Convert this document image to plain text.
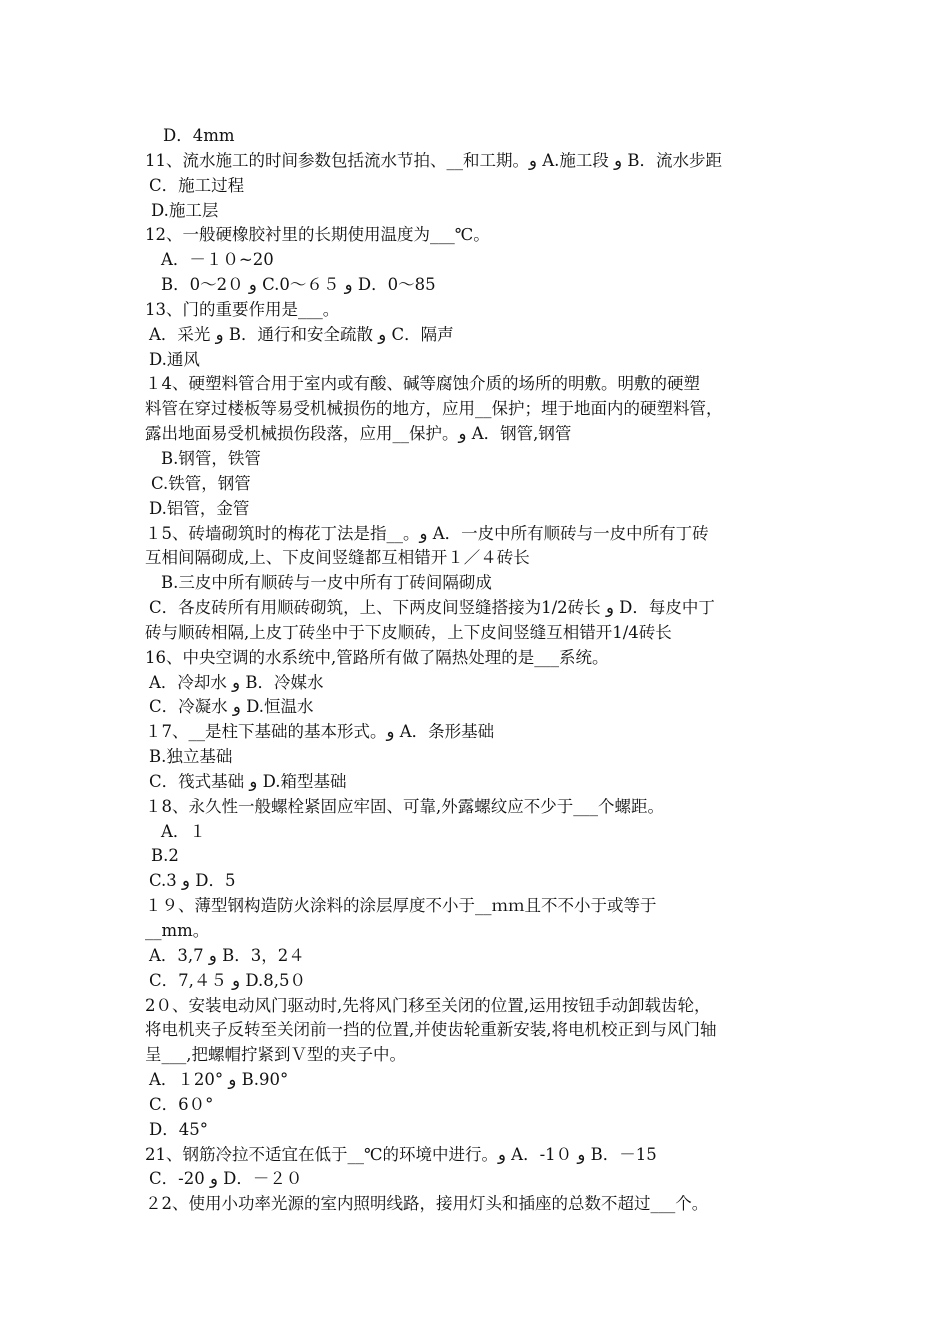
D．4mm
11、流水施工的时间参数包括流水节拍、__和工期。و A.施工段 و B．流水步距
C．施工过程
D.施工层
12、一般硬橡胶衬里的长期使用温度为___℃。
A．－１０~20
B．0～2０ و C.0～６５ و D．0～85
13、门的重要作用是___。
A．采光 و B．通行和安全疏散 و C．隔声
D.通风
１4、硬塑料管合用于室内或有酸、碱等腐蚀介质的场所的明敷。明敷的硬塑
料管在穿过楼板等易受机械损伤的地方，应用__保护；埋于地面内的硬塑料管，
露出地面易受机械损伤段落，应用__保护。و A．钢管,钢管
B.钢管，铁管
C.铁管，钢管
D.铝管，金管
１5、砖墙砌筑时的梅花丁法是指__。و A．一皮中所有顺砖与一皮中所有丁砖
互相间隔砌成,上、下皮间竖缝都互相错开１／４砖长
B.三皮中所有顺砖与一皮中所有丁砖间隔砌成
C．各皮砖所有用顺砖砌筑，上、下两皮间竖缝搭接为1/2砖长 و D．每皮中丁
砖与顺砖相隔,上皮丁砖坐中于下皮顺砖，上下皮间竖缝互相错开1/4砖长
16、中央空调的水系统中,管路所有做了隔热处理的是___系统。
A．冷却水 و B．冷媒水
C．冷凝水 و D.恒温水
１7、__是柱下基础的基本形式。و A．条形基础
B.独立基础
C．筏式基础 و D.箱型基础
１8、永久性一般螺栓紧固应牢固、可靠,外露螺纹应不少于___个螺距。
A．１
B.2
C.3 و D．5
１９、薄型钢构造防火涂料的涂层厚度不小于__ｍｍ且不不小于或等于
__mm。
A．3,7 و B．3，2４
C．7,４５ و D.8,5０
2０、安装电动风门驱动时,先将风门移至关闭的位置,运用按钮手动卸载齿轮，
将电机夹子反转至关闭前一挡的位置,并使齿轮重新安装,将电机校正到与风门轴
呈___,把螺帽拧紧到Ｖ型的夹子中。
A．１20° و B.90°
C．6０°
D．45°
21、钢筋冷拉不适宜在低于__℃的环境中进行。و A．-1０ و B．－15
C．-20 و D．－２０
２2、使用小功率光源的室内照明线路，接用灯头和插座的总数不超过___个。
